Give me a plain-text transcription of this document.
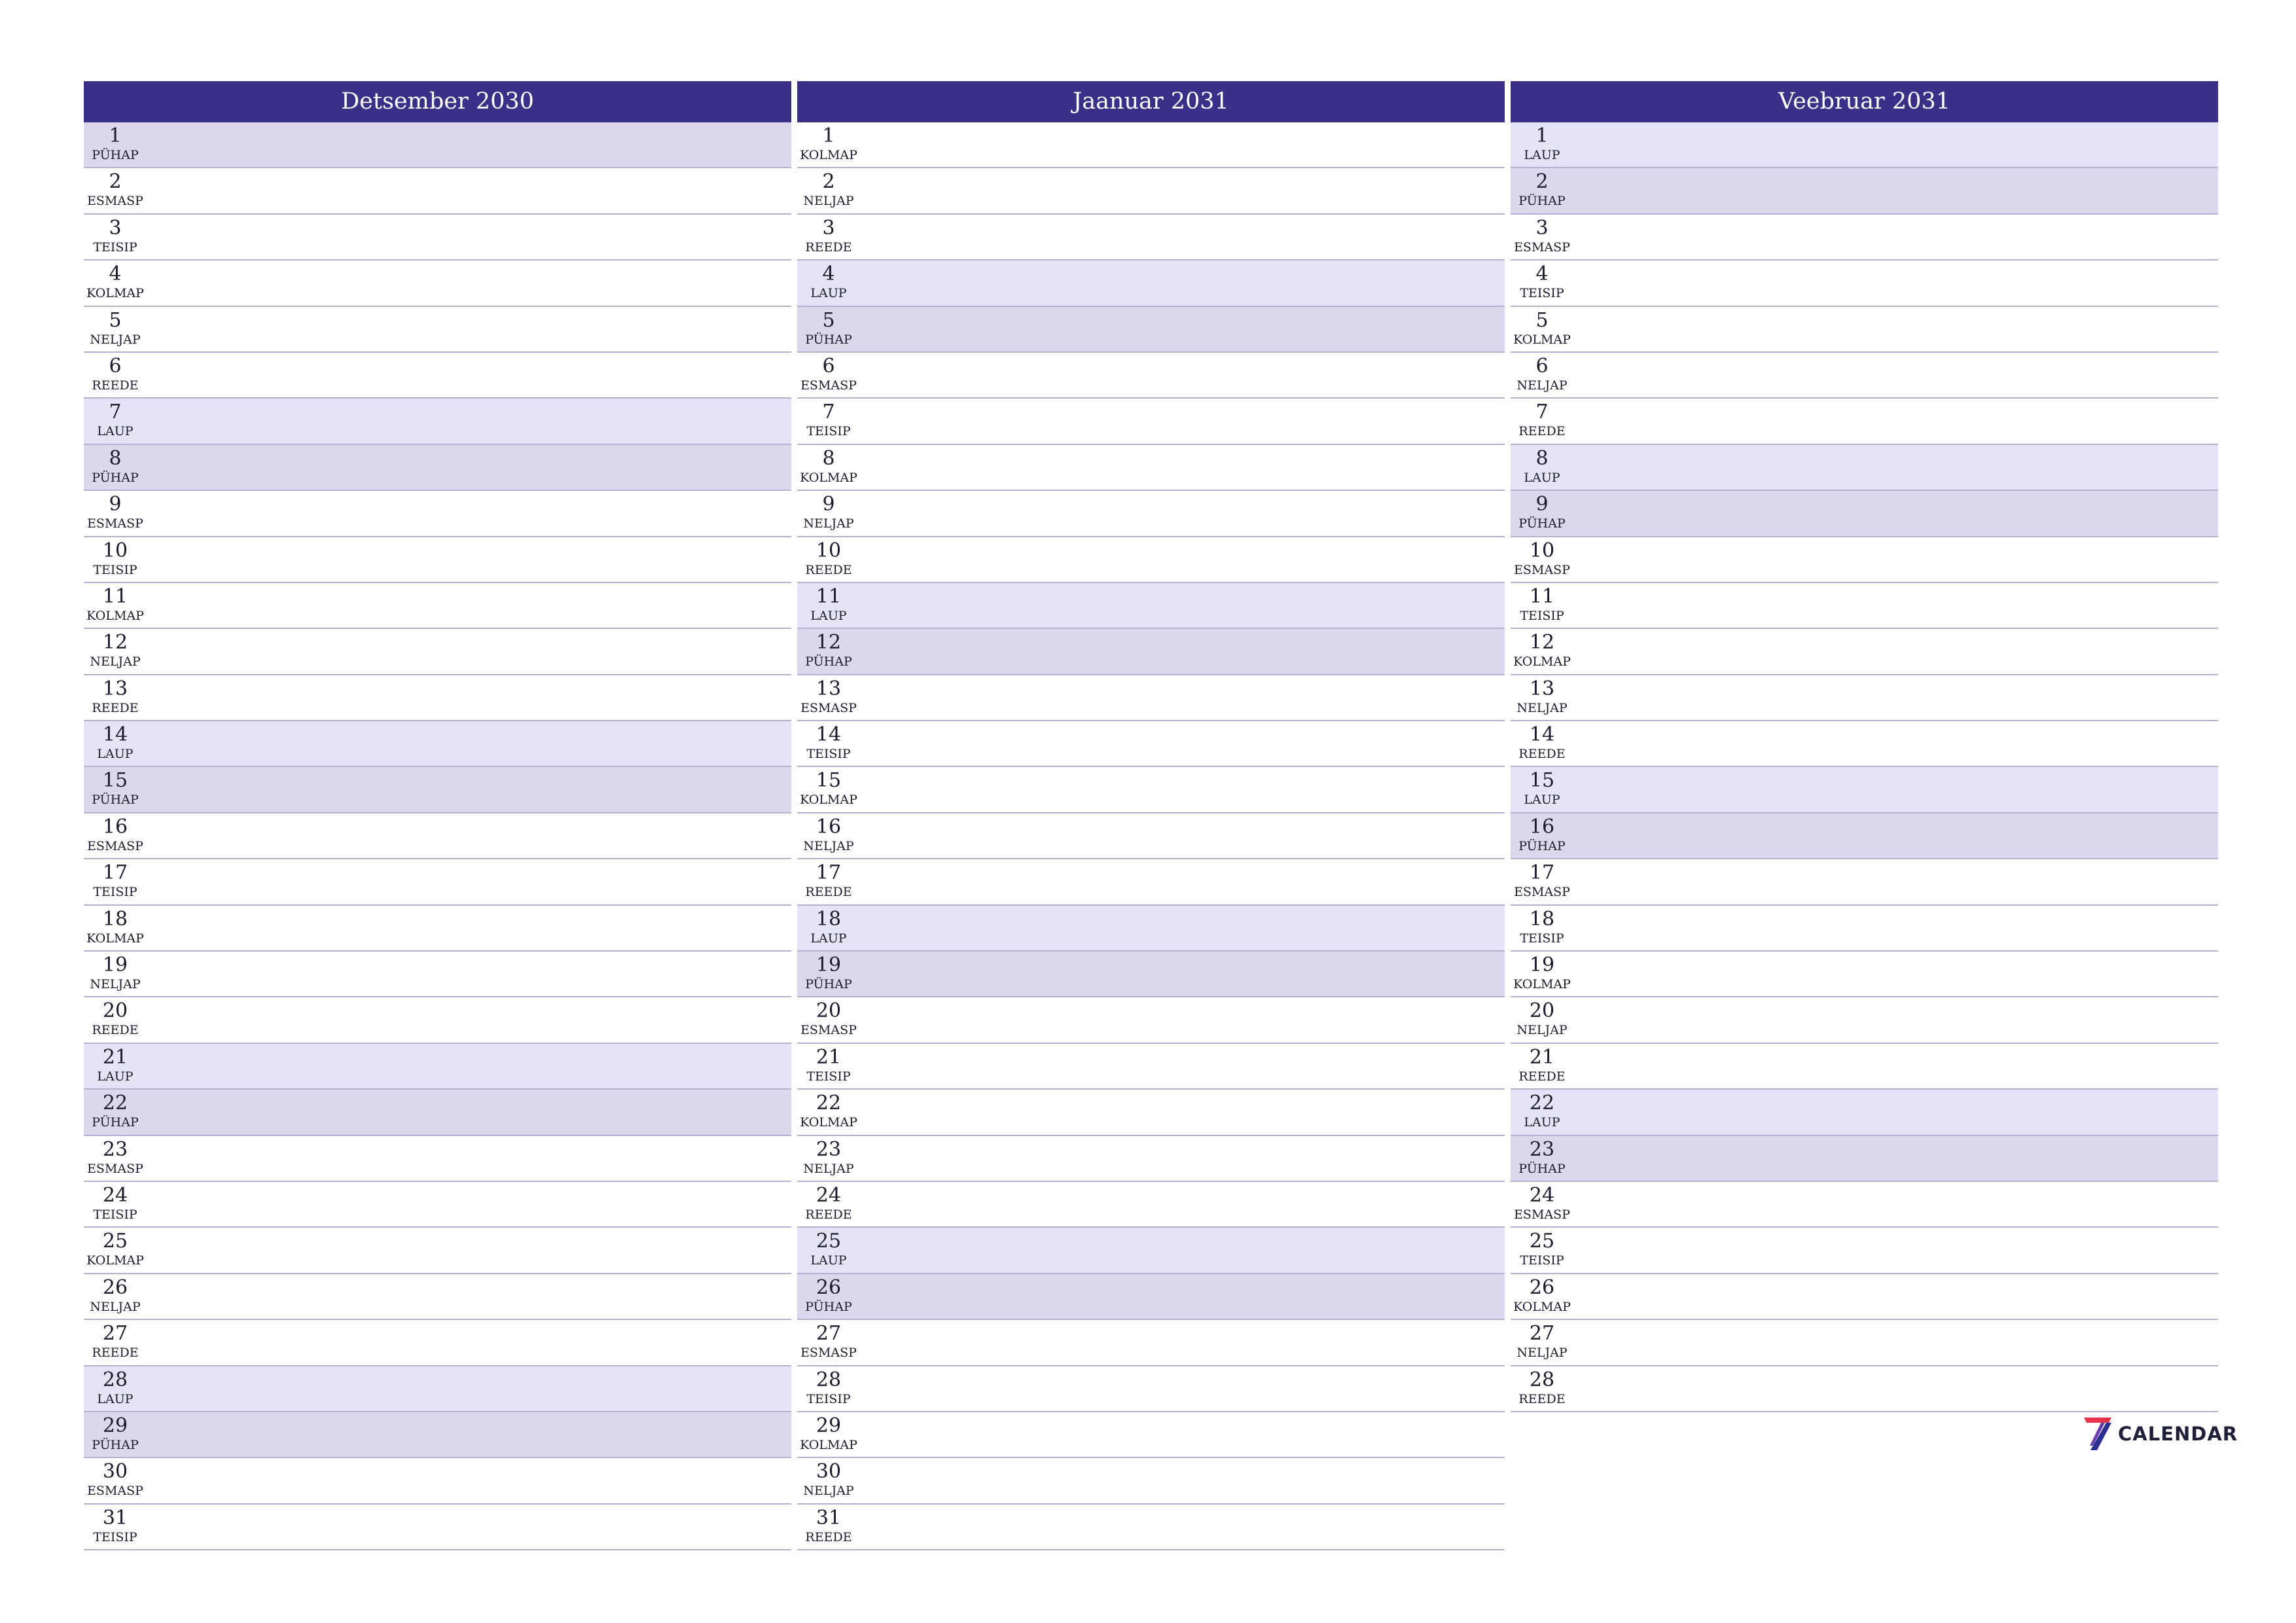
Detsember 2030
1
PÜHAP
2
ESMASP
3
TEISIP
4
KOLMAP
5
NELJAP
6
REEDE
7
LAUP
8
PÜHAP
9
ESMASP
10
TEISIP
11
KOLMAP
12
NELJAP
13
REEDE
14
LAUP
15
PÜHAP
16
ESMASP
17
TEISIP
18
KOLMAP
19
NELJAP
20
REEDE
21
LAUP
22
PÜHAP
23
ESMASP
24
TEISIP
25
KOLMAP
26
NELJAP
27
REEDE
28
LAUP
29
PÜHAP
30
ESMASP
31
TEISIP
Jaanuar 2031
1
KOLMAP
2
NELJAP
3
REEDE
4
LAUP
5
PÜHAP
6
ESMASP
7
TEISIP
8
KOLMAP
9
NELJAP
10
REEDE
11
LAUP
12
PÜHAP
13
ESMASP
14
TEISIP
15
KOLMAP
16
NELJAP
17
REEDE
18
LAUP
19
PÜHAP
20
ESMASP
21
TEISIP
22
KOLMAP
23
NELJAP
24
REEDE
25
LAUP
26
PÜHAP
27
ESMASP
28
TEISIP
29
KOLMAP
30
NELJAP
31
REEDE
Veebruar 2031
1
LAUP
2
PÜHAP
3
ESMASP
4
TEISIP
5
KOLMAP
6
NELJAP
7
REEDE
8
LAUP
9
PÜHAP
10
ESMASP
11
TEISIP
12
KOLMAP
13
NELJAP
14
REEDE
15
LAUP
16
PÜHAP
17
ESMASP
18
TEISIP
19
KOLMAP
20
NELJAP
21
REEDE
22
LAUP
23
PÜHAP
24
ESMASP
25
TEISIP
26
KOLMAP
27
NELJAP
28
REEDE
CALENDAR
